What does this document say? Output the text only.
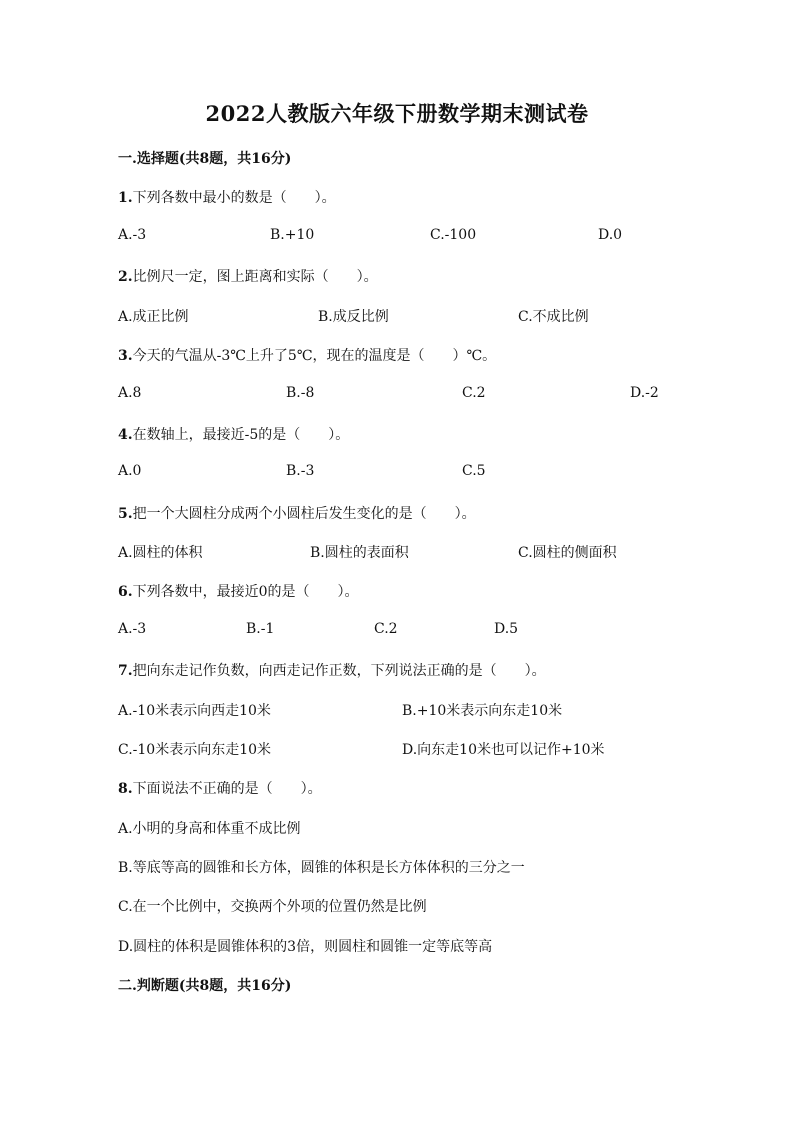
2022人教版六年级下册数学期末测试卷
一.选择题(共8题，共16分)
1.下列各数中最小的数是（　　）。
A.-3	B.+10	C.-100	D.0
2.比例尺一定，图上距离和实际（　　）。
A.成正比例	B.成反比例	C.不成比例
3.今天的气温从-3℃上升了5℃，现在的温度是（　　）℃。
A.8	B.-8	C.2	D.-2
4.在数轴上，最接近-5的是（　　）。
A.0	B.-3	C.5
5.把一个大圆柱分成两个小圆柱后发生变化的是（　　）。
A.圆柱的体积	B.圆柱的表面积	C.圆柱的侧面积
6.下列各数中，最接近0的是（　　）。
A.-3	B.-1	C.2	D.5
7.把向东走记作负数，向西走记作正数，下列说法正确的是（　　）。
A.-10米表示向西走10米	B.+10米表示向东走10米
C.-10米表示向东走10米	D.向东走10米也可以记作+10米
8.下面说法不正确的是（　　）。
A.小明的身高和体重不成比例
B.等底等高的圆锥和长方体，圆锥的体积是长方体体积的三分之一
C.在一个比例中，交换两个外项的位置仍然是比例
D.圆柱的体积是圆锥体积的3倍，则圆柱和圆锥一定等底等高
二.判断题(共8题，共16分)
